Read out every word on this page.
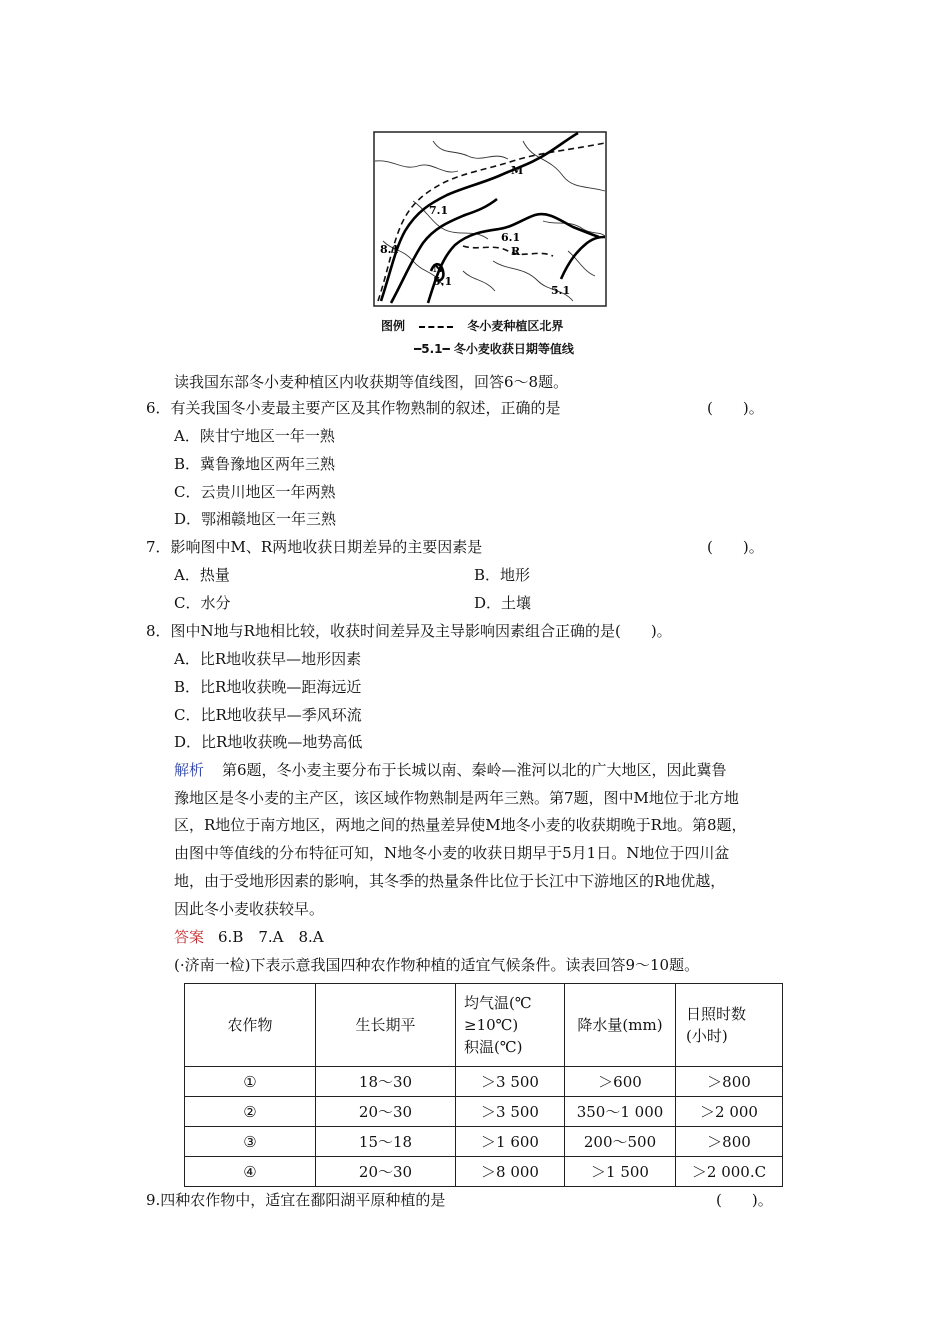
M
R
N
7.1
8.1
6.1
5.1
5.1
图例	冬小麦种植区北界
━5.1━ 冬小麦收获日期等值线
读我国东部冬小麦种植区内收获期等值线图，回答6～8题。
6．有关我国冬小麦最主要产区及其作物熟制的叙述，正确的是	(　　)。
A．陕甘宁地区一年一熟
B．冀鲁豫地区两年三熟
C．云贵川地区一年两熟
D．鄂湘赣地区一年三熟
7．影响图中M、R两地收获日期差异的主要因素是	(　　)。
A．热量	B．地形
C．水分	D．土壤
8．图中N地与R地相比较，收获时间差异及主导影响因素组合正确的是(　　)。
A．比R地收获早—地形因素
B．比R地收获晚—距海远近
C．比R地收获早—季风环流
D．比R地收获晚—地势高低
解析 第6题，冬小麦主要分布于长城以南、秦岭—淮河以北的广大地区，因此冀鲁
豫地区是冬小麦的主产区，该区域作物熟制是两年三熟。第7题，图中M地位于北方地
区，R地位于南方地区，两地之间的热量差异使M地冬小麦的收获期晚于R地。第8题，
由图中等值线的分布特征可知，N地冬小麦的收获日期早于5月1日。N地位于四川盆
地，由于受地形因素的影响，其冬季的热量条件比位于长江中下游地区的R地优越，
因此冬小麦收获较早。
答案 6.B　7.A　8.A
(·济南一检)下表示意我国四种农作物种植的适宜气候条件。读表回答9～10题。
农作物	生长期平	均气温(℃
≥10℃)
积温(℃)	降水量(mm)	日照时数
(小时)
①	18～30	＞3 500	＞600	＞800
②	20～30	＞3 500	350～1 000	＞2 000
③	15～18	＞1 600	200～500	＞800
④	20～30	＞8 000	＞1 500	＞2 000.C
9.四种农作物中，适宜在鄱阳湖平原种植的是	(　　)。
